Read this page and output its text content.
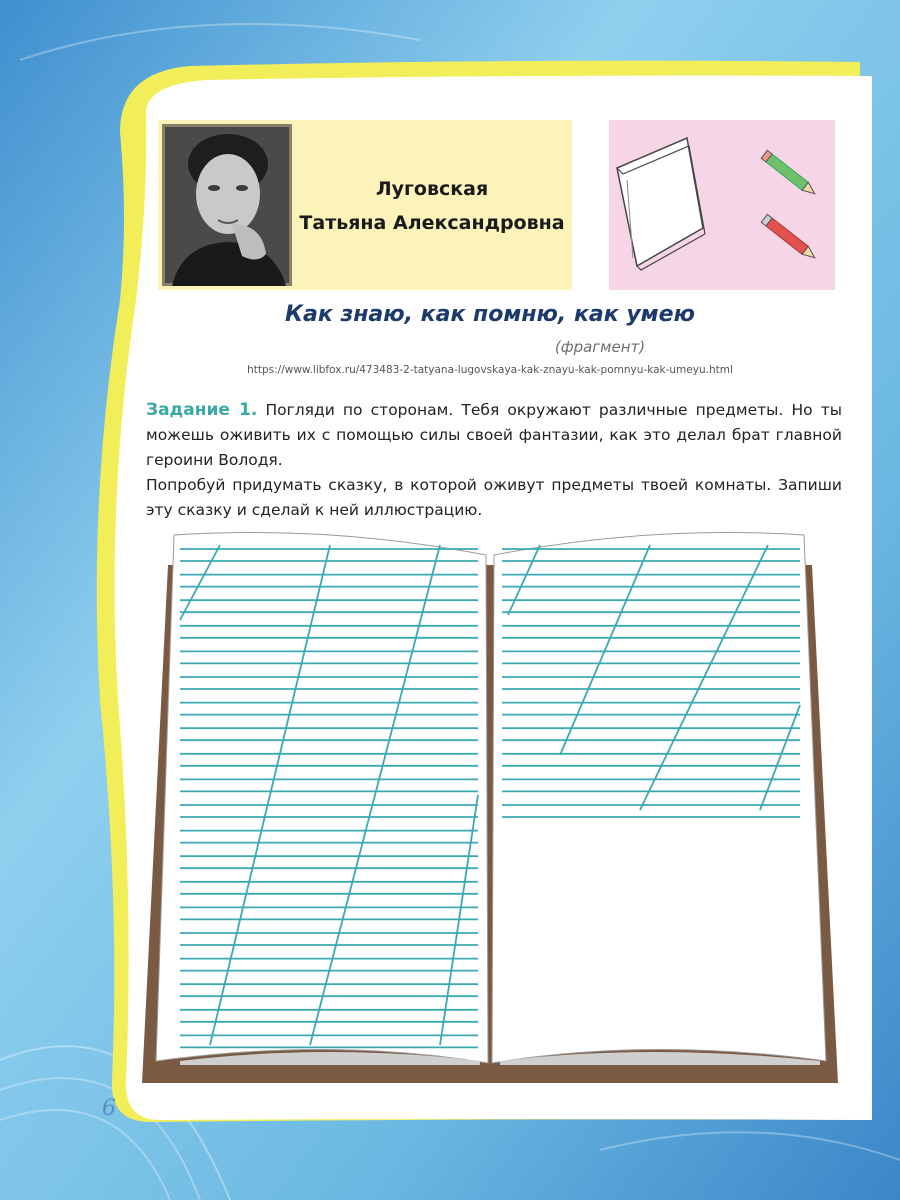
Луговская
Татьяна Александровна
Как знаю, как помню, как умею
(фрагмент)
https://www.libfox.ru/473483-2-tatyana-lugovskaya-kak-znayu-kak-pomnyu-kak-umeyu.html

Задание 1. Погляди по сторонам. Тебя окружают различные предметы. Но ты можешь оживить их с помощью силы своей фантазии, как это делал брат главной героини Володя.

Попробуй придумать сказку, в которой оживут предметы твоей комнаты. Запиши эту сказку и сделай к ней иллюстрацию.

6
